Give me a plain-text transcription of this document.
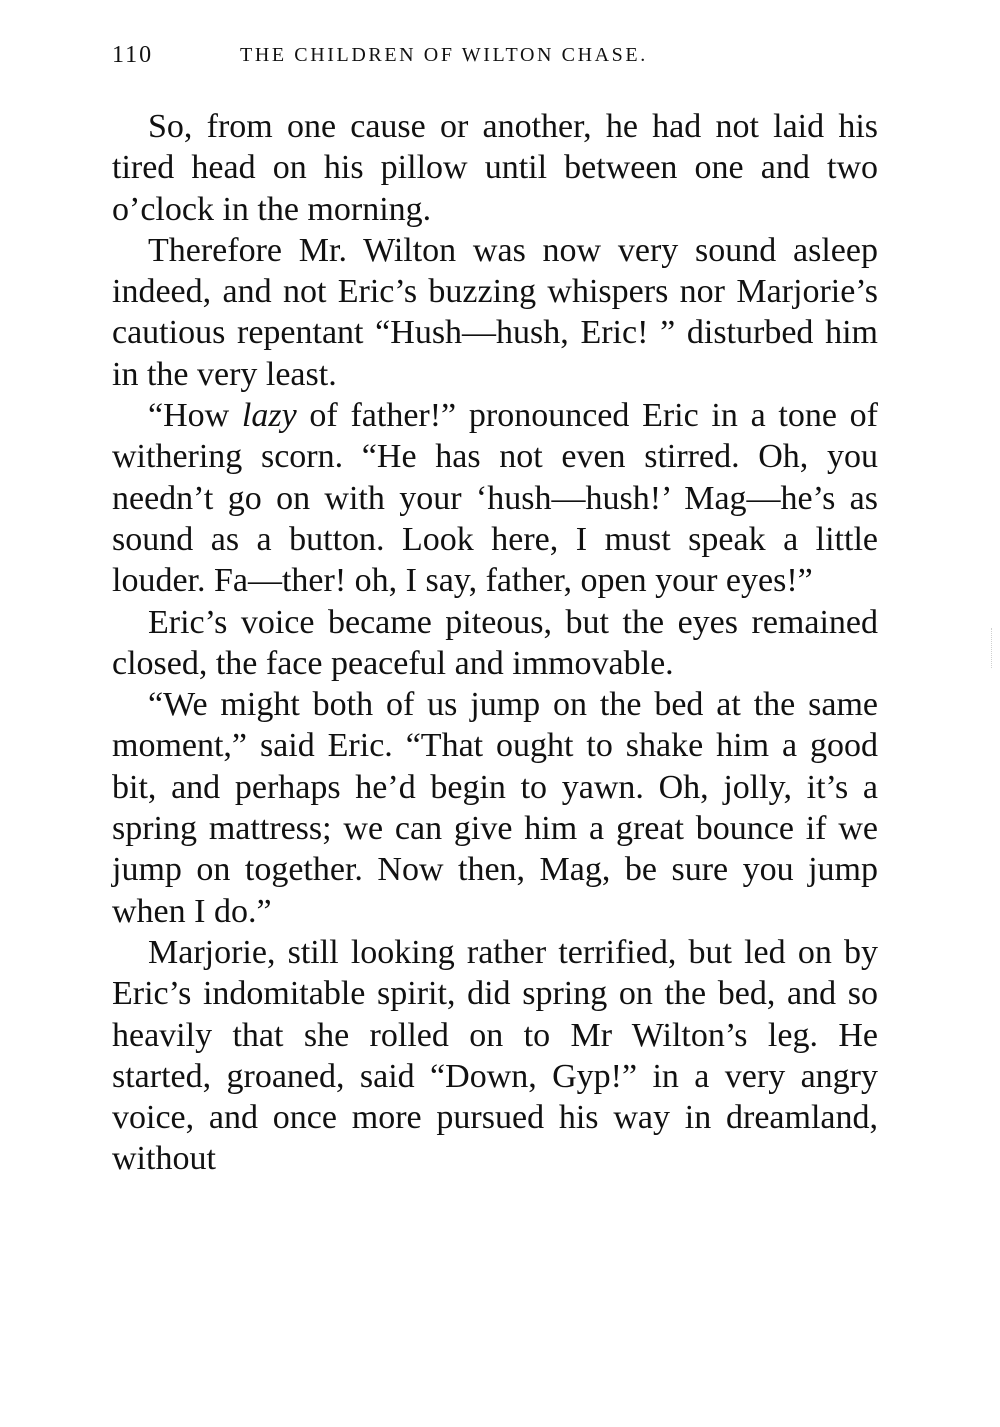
110	THE CHILDREN OF WILTON CHASE.

So, from one cause or another, he had not laid his tired head on his pillow until between one and two o’clock in the morning.

Therefore Mr. Wilton was now very sound asleep indeed, and not Eric’s buzzing whispers nor Marjorie’s cautious repentant “Hush—hush, Eric! ” disturbed him in the very least.

“How lazy of father!” pronounced Eric in a tone of withering scorn. “He has not even stirred. Oh, you needn’t go on with your ‘hush—hush!’ Mag—he’s as sound as a button. Look here, I must speak a little louder. Fa—ther! oh, I say, father, open your eyes!”

Eric’s voice became piteous, but the eyes remained closed, the face peaceful and immovable.

“We might both of us jump on the bed at the same moment,” said Eric. “That ought to shake him a good bit, and perhaps he’d begin to yawn. Oh, jolly, it’s a spring mattress; we can give him a great bounce if we jump on together. Now then, Mag, be sure you jump when I do.”

Marjorie, still looking rather terrified, but led on by Eric’s indomitable spirit, did spring on the bed, and so heavily that she rolled on to Mr Wilton’s leg. He started, groaned, said “Down, Gyp!” in a very angry voice, and once more pursued his way in dreamland, without
